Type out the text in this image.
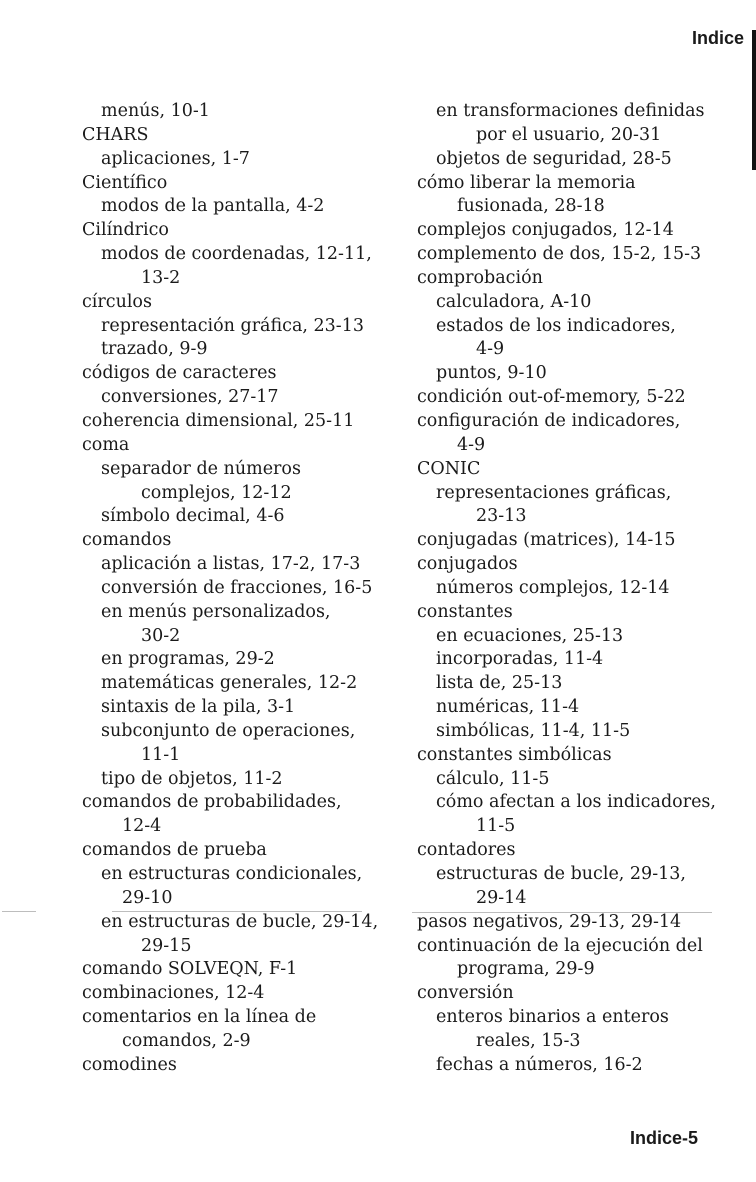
Indice
menús, 10-1
CHARS
aplicaciones, 1-7
Científico
modos de la pantalla, 4-2
Cilíndrico
modos de coordenadas, 12-11,
13-2
círculos
representación gráfica, 23-13
trazado, 9-9
códigos de caracteres
conversiones, 27-17
coherencia dimensional, 25-11
coma
separador de números
complejos, 12-12
símbolo decimal, 4-6
comandos
aplicación a listas, 17-2, 17-3
conversión de fracciones, 16-5
en menús personalizados,
30-2
en programas, 29-2
matemáticas generales, 12-2
sintaxis de la pila, 3-1
subconjunto de operaciones,
11-1
tipo de objetos, 11-2
comandos de probabilidades,
12-4
comandos de prueba
en estructuras condicionales,
29-10
en estructuras de bucle, 29-14,
29-15
comando SOLVEQN, F-1
combinaciones, 12-4
comentarios en la línea de
comandos, 2-9
comodines
en transformaciones definidas
por el usuario, 20-31
objetos de seguridad, 28-5
cómo liberar la memoria
fusionada, 28-18
complejos conjugados, 12-14
complemento de dos, 15-2, 15-3
comprobación
calculadora, A-10
estados de los indicadores,
4-9
puntos, 9-10
condición out-of-memory, 5-22
configuración de indicadores,
4-9
CONIC
representaciones gráficas,
23-13
conjugadas (matrices), 14-15
conjugados
números complejos, 12-14
constantes
en ecuaciones, 25-13
incorporadas, 11-4
lista de, 25-13
numéricas, 11-4
simbólicas, 11-4, 11-5
constantes simbólicas
cálculo, 11-5
cómo afectan a los indicadores,
11-5
contadores
estructuras de bucle, 29-13,
29-14
pasos negativos, 29-13, 29-14
continuación de la ejecución del
programa, 29-9
conversión
enteros binarios a enteros
reales, 15-3
fechas a números, 16-2
Indice-5
